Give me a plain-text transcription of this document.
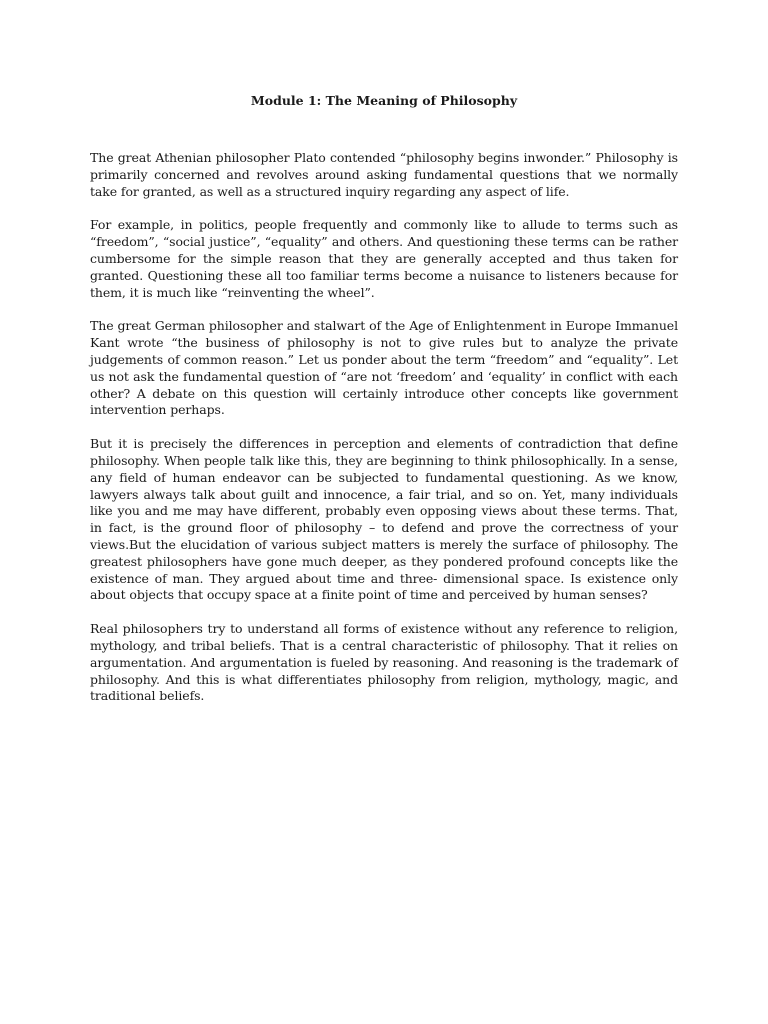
Module 1: The Meaning of Philosophy

The great Athenian philosopher Plato contended “philosophy begins inwonder.” Philosophy is primarily concerned and revolves around asking fundamental questions that we normally take for granted, as well as a structured inquiry regarding any aspect of life.

For example, in politics, people frequently and commonly like to allude to terms such as “freedom”, “social justice”, “equality” and others. And questioning these terms can be rather cumbersome for the simple reason that they are generally accepted and thus taken for granted. Questioning these all too familiar terms become a nuisance to listeners because for them, it is much like “reinventing the wheel”.

The great German philosopher and stalwart of the Age of Enlightenment in Europe Immanuel Kant wrote “the business of philosophy is not to give rules but to analyze the private judgements of common reason.” Let us ponder about the term “freedom” and “equality”. Let us not ask the fundamental question of “are not ‘freedom’ and ‘equality’ in conflict with each other? A debate on this question will certainly introduce other concepts like government intervention perhaps.

But it is precisely the differences in perception and elements of contradiction that define philosophy. When people talk like this, they are beginning to think philosophically. In a sense, any field of human endeavor can be subjected to fundamental questioning. As we know, lawyers always talk about guilt and innocence, a fair trial, and so on. Yet, many individuals like you and me may have different, probably even opposing views about these terms. That, in fact, is the ground floor of philosophy – to defend and prove the correctness of your views.But the elucidation of various subject matters is merely the surface of philosophy. The greatest philosophers have gone much deeper, as they pondered profound concepts like the existence of man. They argued about time and three- dimensional space. Is existence only about objects that occupy space at a finite point of time and perceived by human senses?

Real philosophers try to understand all forms of existence without any reference to religion, mythology, and tribal beliefs. That is a central characteristic of philosophy. That it relies on argumentation. And argumentation is fueled by reasoning. And reasoning is the trademark of philosophy. And this is what differentiates philosophy from religion, mythology, magic, and traditional beliefs.
